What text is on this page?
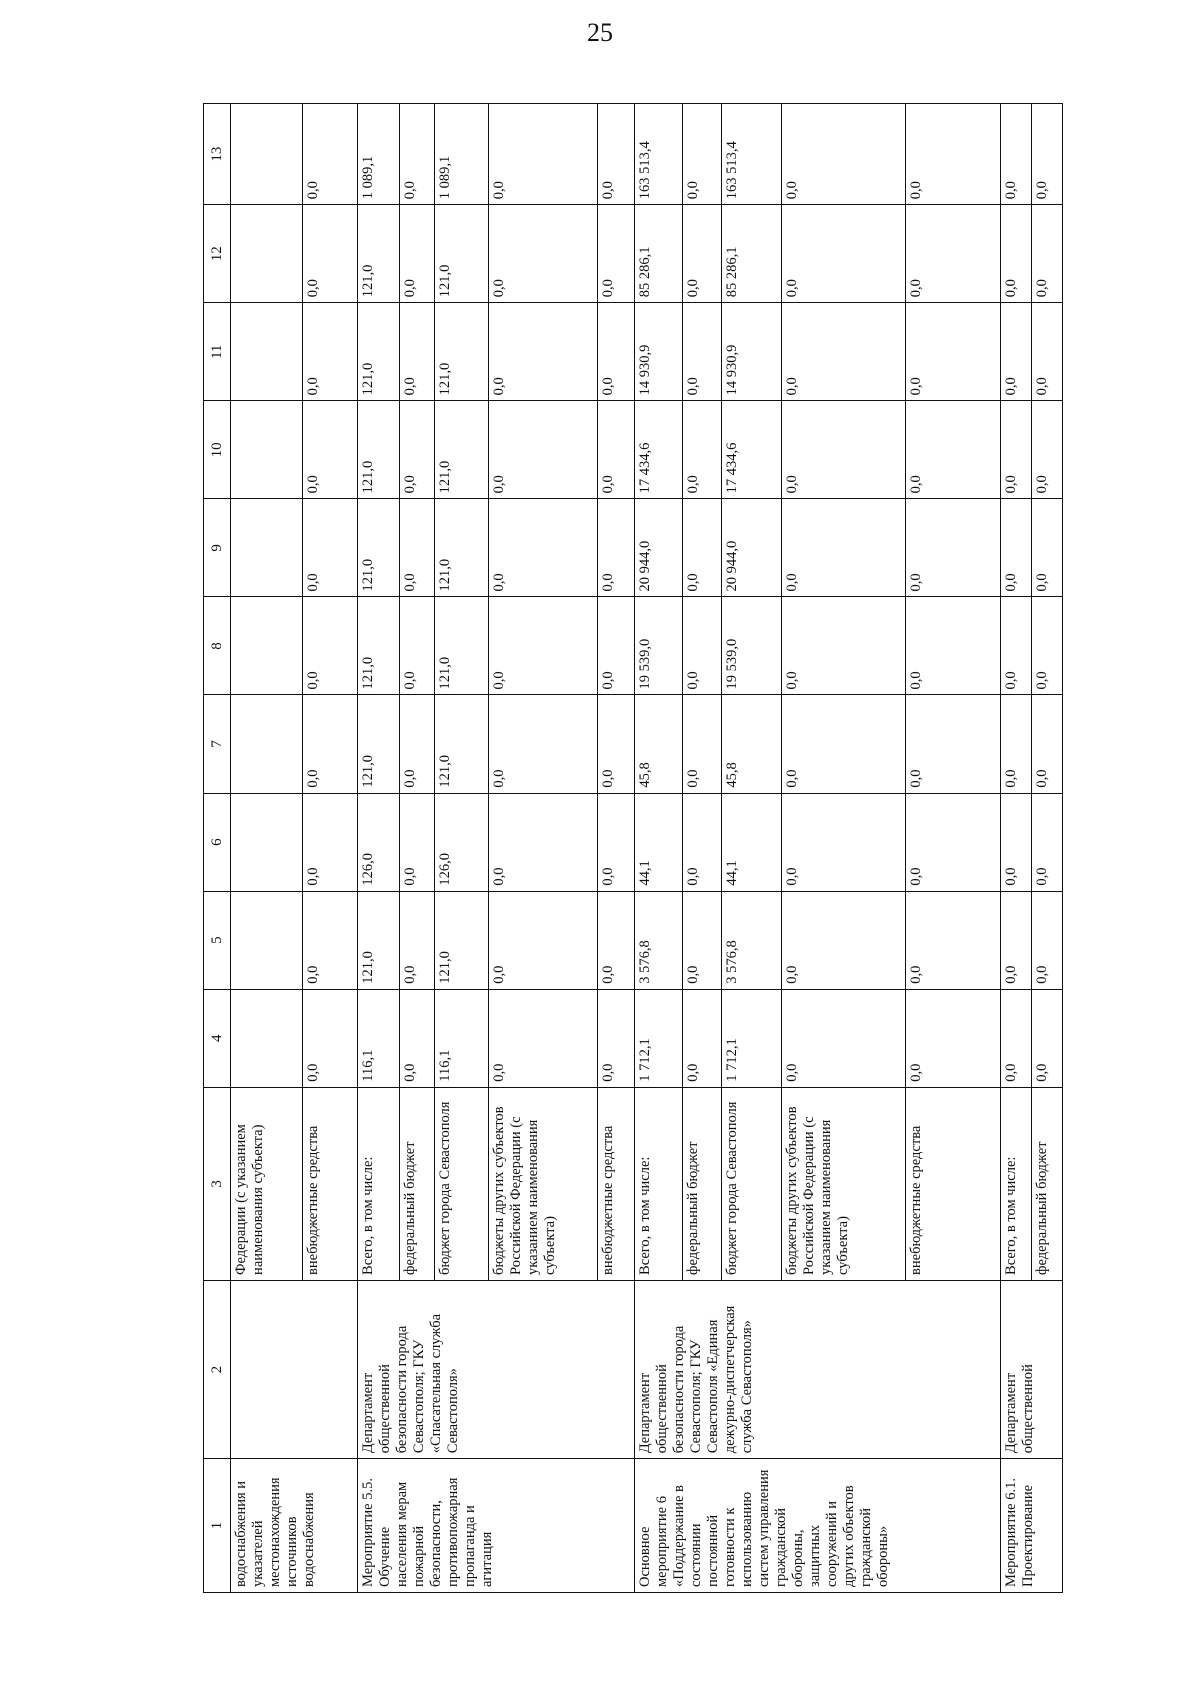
25
1	2	3	4	5	6	7	8	9	10	11	12	13
водоснабжения и указателей местонахождения источников водоснабжения		Федерации (с указанием наименования субъекта)										
		внебюджетные средства	0,0	0,0	0,0	0,0	0,0	0,0	0,0	0,0	0,0	0,0
Мероприятие 5.5. Обучение населения мерам пожарной безопасности, противопожарная пропаганда и агитация	Департамент общественной безопасности города Севастополя; ГКУ «Спасательная служба Севастополя»	Всего, в том числе:	116,1	121,0	126,0	121,0	121,0	121,0	121,0	121,0	121,0	1 089,1
		федеральный бюджет	0,0	0,0	0,0	0,0	0,0	0,0	0,0	0,0	0,0	0,0
		бюджет города Севастополя	116,1	121,0	126,0	121,0	121,0	121,0	121,0	121,0	121,0	1 089,1
		бюджеты других субъектов Российской Федерации (с указанием наименования субъекта)	0,0	0,0	0,0	0,0	0,0	0,0	0,0	0,0	0,0	0,0
		внебюджетные средства	0,0	0,0	0,0	0,0	0,0	0,0	0,0	0,0	0,0	0,0
Основное мероприятие 6 «Поддержание в состоянии постоянной готовности к использованию систем управления гражданской обороны, защитных сооружений и других объектов гражданской обороны»	Департамент общественной безопасности города Севастополя; ГКУ Севастополя «Единая дежурно-диспетчерская служба Севастополя»	Всего, в том числе:	1 712,1	3 576,8	44,1	45,8	19 539,0	20 944,0	17 434,6	14 930,9	85 286,1	163 513,4
		федеральный бюджет	0,0	0,0	0,0	0,0	0,0	0,0	0,0	0,0	0,0	0,0
		бюджет города Севастополя	1 712,1	3 576,8	44,1	45,8	19 539,0	20 944,0	17 434,6	14 930,9	85 286,1	163 513,4
		бюджеты других субъектов Российской Федерации (с указанием наименования субъекта)	0,0	0,0	0,0	0,0	0,0	0,0	0,0	0,0	0,0	0,0
		внебюджетные средства	0,0	0,0	0,0	0,0	0,0	0,0	0,0	0,0	0,0	0,0
Мероприятие 6.1. Проектирование	Департамент общественной	Всего, в том числе:	0,0	0,0	0,0	0,0	0,0	0,0	0,0	0,0	0,0	0,0
		федеральный бюджет	0,0	0,0	0,0	0,0	0,0	0,0	0,0	0,0	0,0	0,0
